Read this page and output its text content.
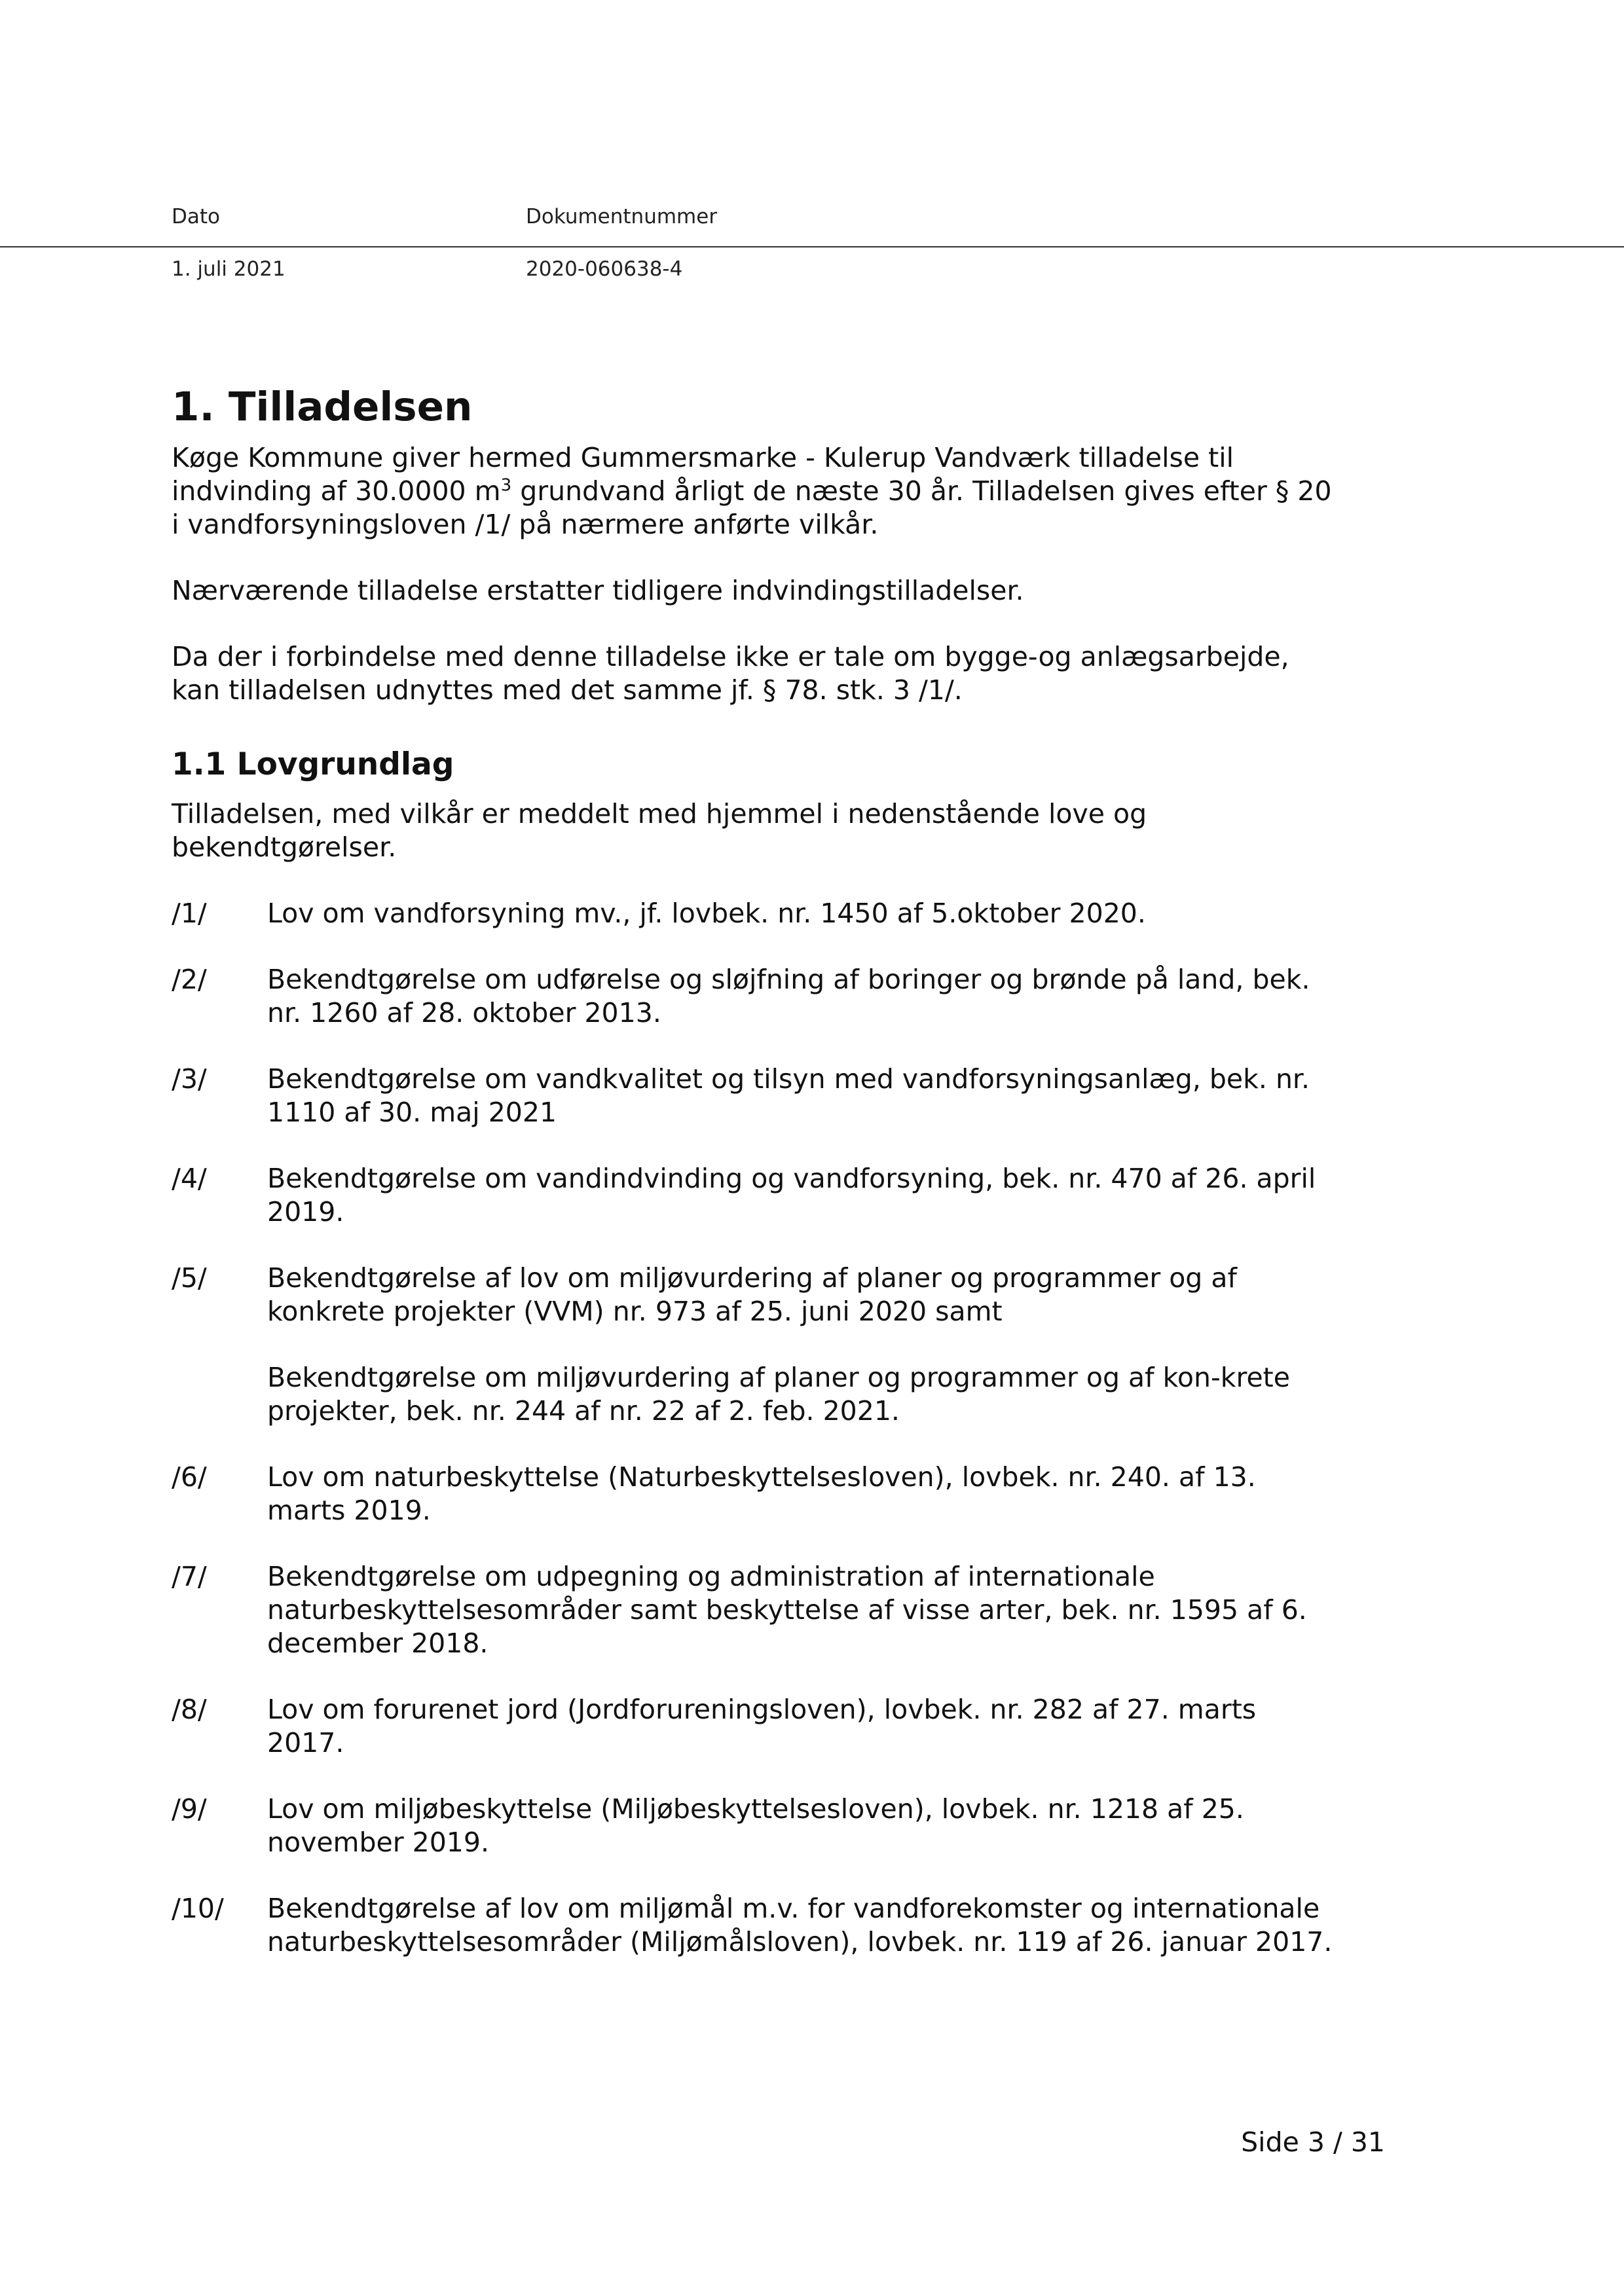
Dato	Dokumentnummer
1. juli 2021	2020-060638-4
1. Tilladelsen

Køge Kommune giver hermed Gummersmarke - Kulerup Vandværk tilladelse til indvinding af 30.0000 $m^3$ grundvand årligt de næste 30 år. Tilladelsen gives efter § 20 i vandforsyningsloven /1/ på nærmere anførte vilkår.

Nærværende tilladelse erstatter tidligere indvindingstilladelser.

Da der i forbindelse med denne tilladelse ikke er tale om bygge-og anlægsarbejde, kan tilladelsen udnyttes med det samme jf. § 78. stk. 3 /1/.

1.1 Lovgrundlag

Tilladelsen, med vilkår er meddelt med hjemmel i nedenstående love og bekendtgørelser.

/1/	Lov om vandforsyning mv., jf. lovbek. nr. 1450 af 5.oktober 2020.
/2/	Bekendtgørelse om udførelse og sløjfning af boringer og brønde på land, bek. nr. 1260 af 28. oktober 2013.
/3/	Bekendtgørelse om vandkvalitet og tilsyn med vandforsyningsanlæg, bek. nr. 1110 af 30. maj 2021
/4/	Bekendtgørelse om vandindvinding og vandforsyning, bek. nr. 470 af 26. april 2019.
/5/	Bekendtgørelse af lov om miljøvurdering af planer og programmer og af konkrete projekter (VVM) nr. 973 af 25. juni 2020 samt
Bekendtgørelse om miljøvurdering af planer og programmer og af kon-krete projekter, bek. nr. 244 af nr. 22 af 2. feb. 2021.
/6/	Lov om naturbeskyttelse (Naturbeskyttelsesloven), lovbek. nr. 240. af 13. marts 2019.
/7/	Bekendtgørelse om udpegning og administration af internationale naturbeskyttelsesområder samt beskyttelse af visse arter, bek. nr. 1595 af 6. december 2018.
/8/	Lov om forurenet jord (Jordforureningsloven), lovbek. nr. 282 af 27. marts 2017.
/9/	Lov om miljøbeskyttelse (Miljøbeskyttelsesloven), lovbek. nr. 1218 af 25. november 2019.
/10/	Bekendtgørelse af lov om miljømål m.v. for vandforekomster og internationale naturbeskyttelsesområder (Miljømålsloven), lovbek. nr. 119 af 26. januar 2017.
Side 3 / 31
